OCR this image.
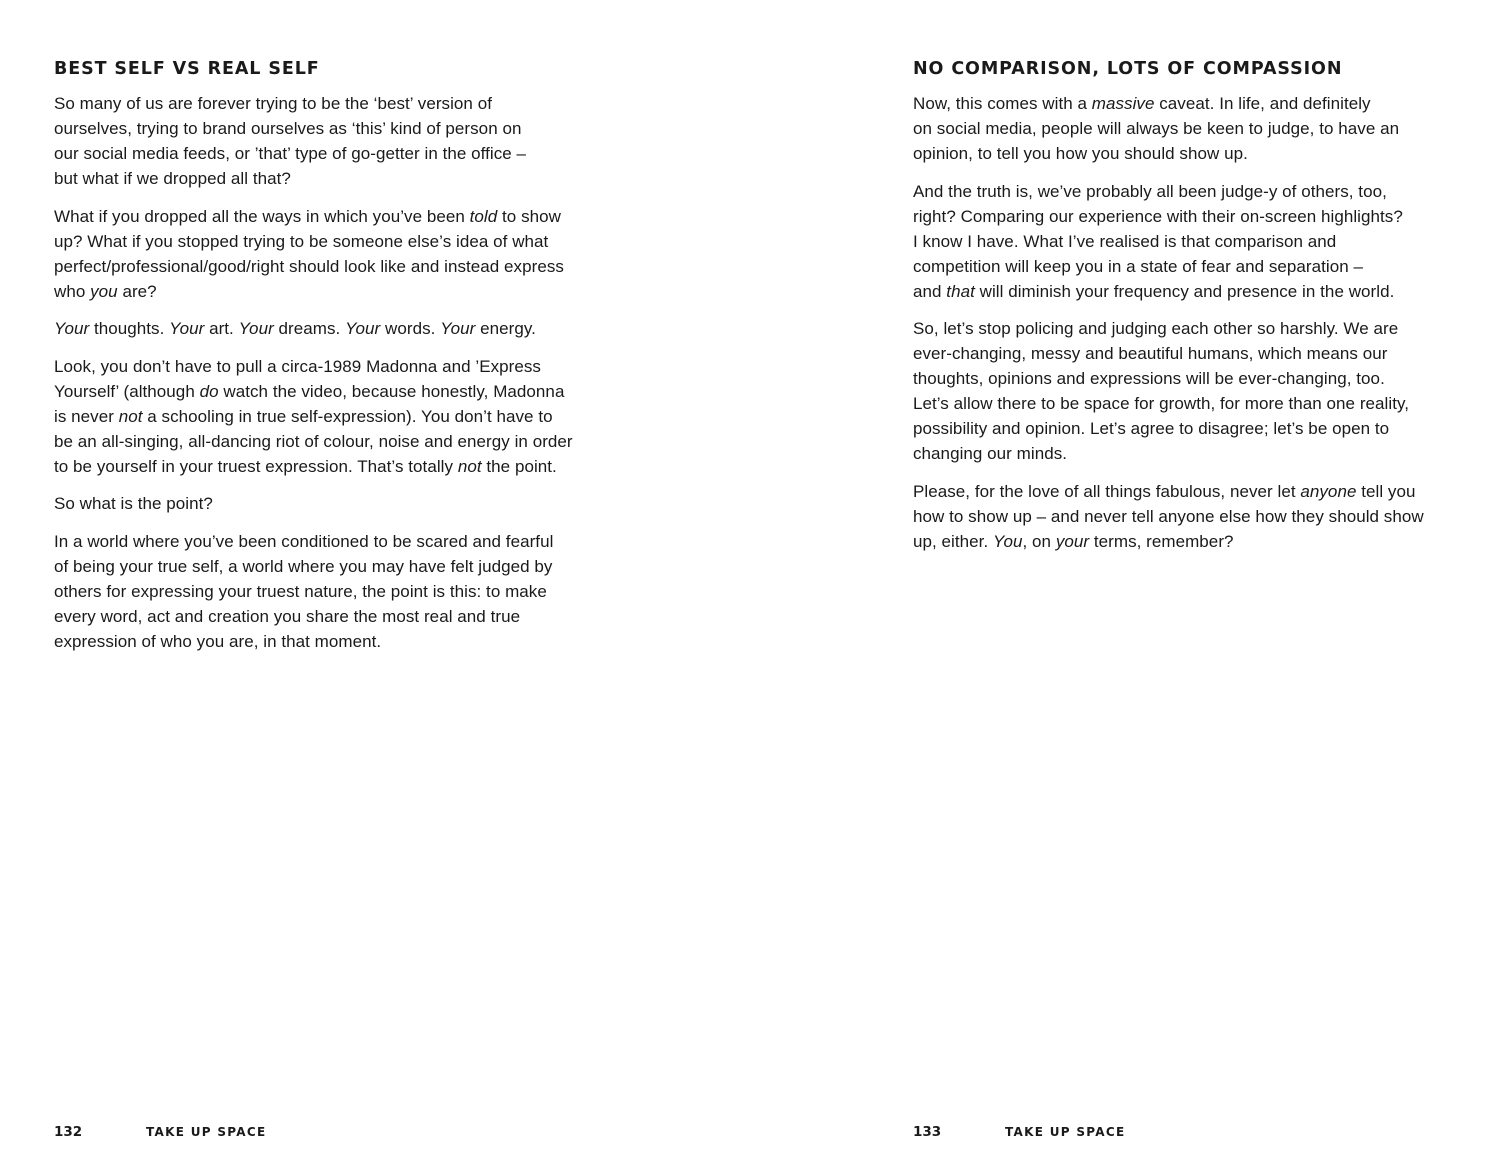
BEST SELF VS REAL SELF

So many of us are forever trying to be the ‘best’ version of
ourselves, trying to brand ourselves as ‘this’ kind of person on
our social media feeds, or ’that’ type of go-getter in the office –
but what if we dropped all that?

What if you dropped all the ways in which you’ve been told to show
up? What if you stopped trying to be someone else’s idea of what
perfect/professional/good/right should look like and instead express
who you are?

Your thoughts. Your art. Your dreams. Your words. Your energy.

Look, you don’t have to pull a circa-1989 Madonna and ’Express
Yourself’ (although do watch the video, because honestly, Madonna
is never not a schooling in true self-expression). You don’t have to
be an all-singing, all-dancing riot of colour, noise and energy in order
to be yourself in your truest expression. That’s totally not the point.

So what is the point?

In a world where you’ve been conditioned to be scared and fearful
of being your true self, a world where you may have felt judged by
others for expressing your truest nature, the point is this: to make
every word, act and creation you share the most real and true
expression of who you are, in that moment.

132	TAKE UP SPACE
NO COMPARISON, LOTS OF COMPASSION

Now, this comes with a massive caveat. In life, and definitely
on social media, people will always be keen to judge, to have an
opinion, to tell you how you should show up.

And the truth is, we’ve probably all been judge-y of others, too,
right? Comparing our experience with their on-screen highlights?
I know I have. What I’ve realised is that comparison and
competition will keep you in a state of fear and separation –
and that will diminish your frequency and presence in the world.

So, let’s stop policing and judging each other so harshly. We are
ever-changing, messy and beautiful humans, which means our
thoughts, opinions and expressions will be ever-changing, too.
Let’s allow there to be space for growth, for more than one reality,
possibility and opinion. Let’s agree to disagree; let’s be open to
changing our minds.

Please, for the love of all things fabulous, never let anyone tell you
how to show up – and never tell anyone else how they should show
up, either. You, on your terms, remember?

133	TAKE UP SPACE
